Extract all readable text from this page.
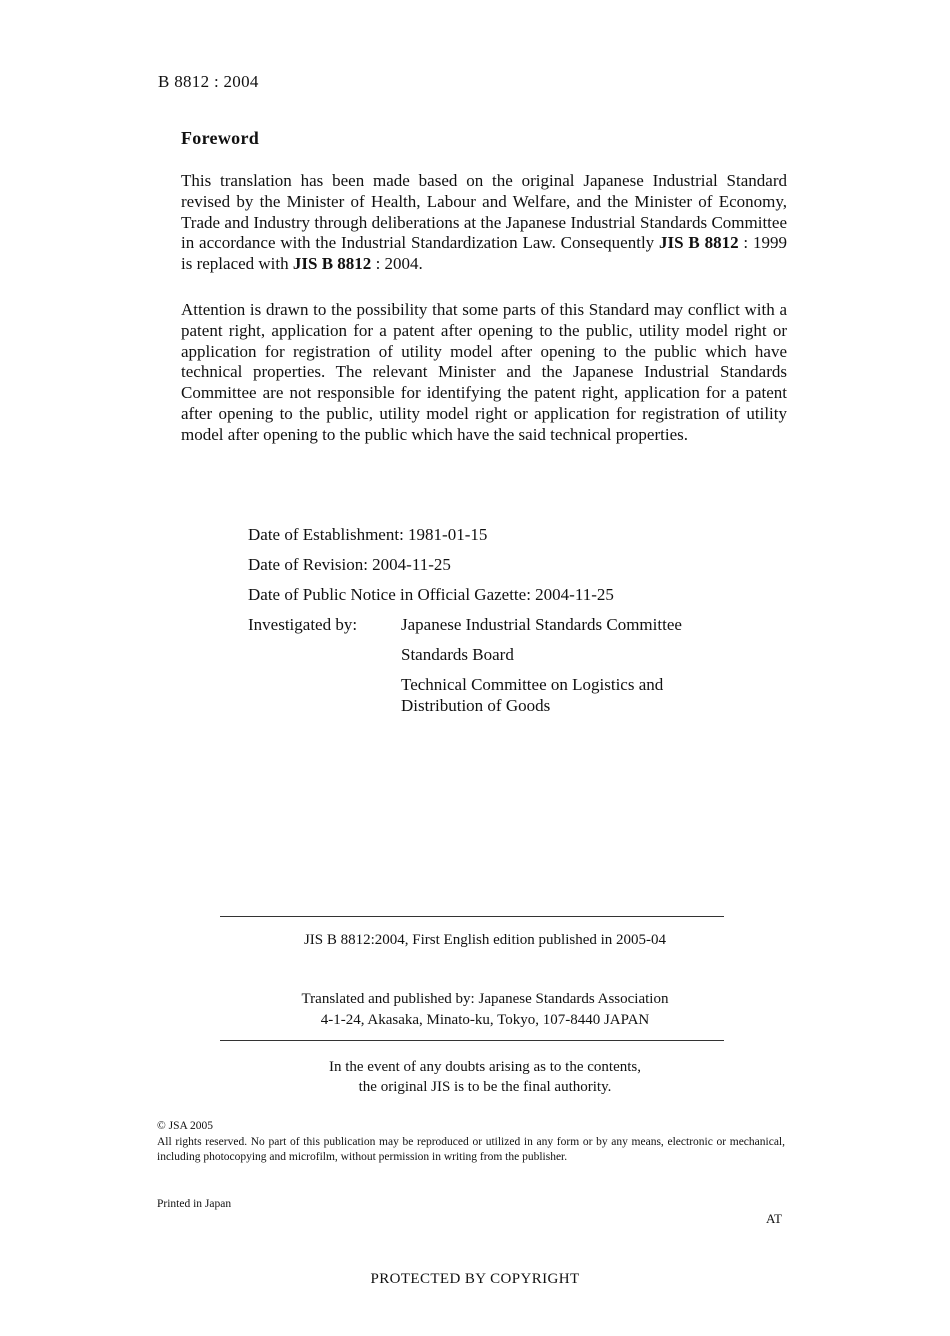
B 8812 : 2004
Foreword
This translation has been made based on the original Japanese Industrial Standard revised by the Minister of Health, Labour and Welfare, and the Minister of Economy, Trade and Industry through deliberations at the Japanese Industrial Standards Committee in accordance with the Industrial Standardization Law. Consequently JIS B 8812 : 1999 is replaced with JIS B 8812 : 2004.
Attention is drawn to the possibility that some parts of this Standard may conflict with a patent right, application for a patent after opening to the public, utility model right or application for registration of utility model after opening to the public which have technical properties. The relevant Minister and the Japanese Industrial Standards Committee are not responsible for identifying the patent right, application for a patent after opening to the public, utility model right or application for registration of utility model after opening to the public which have the said technical properties.
Date of Establishment: 1981-01-15
Date of Revision: 2004-11-25
Date of Public Notice in Official Gazette: 2004-11-25
Investigated by:	Japanese Industrial Standards Committee
Standards Board
Technical Committee on Logistics and
Distribution of Goods
JIS B 8812:2004, First English edition published in 2005-04
Translated and published by: Japanese Standards Association
4-1-24, Akasaka, Minato-ku, Tokyo, 107-8440 JAPAN
In the event of any doubts arising as to the contents,
the original JIS is to be the final authority.
© JSA 2005
All rights reserved. No part of this publication may be reproduced or utilized in any form or by any means, electronic or mechanical, including photocopying and microfilm, without permission in writing from the publisher.
Printed in Japan
AT
PROTECTED BY COPYRIGHT
